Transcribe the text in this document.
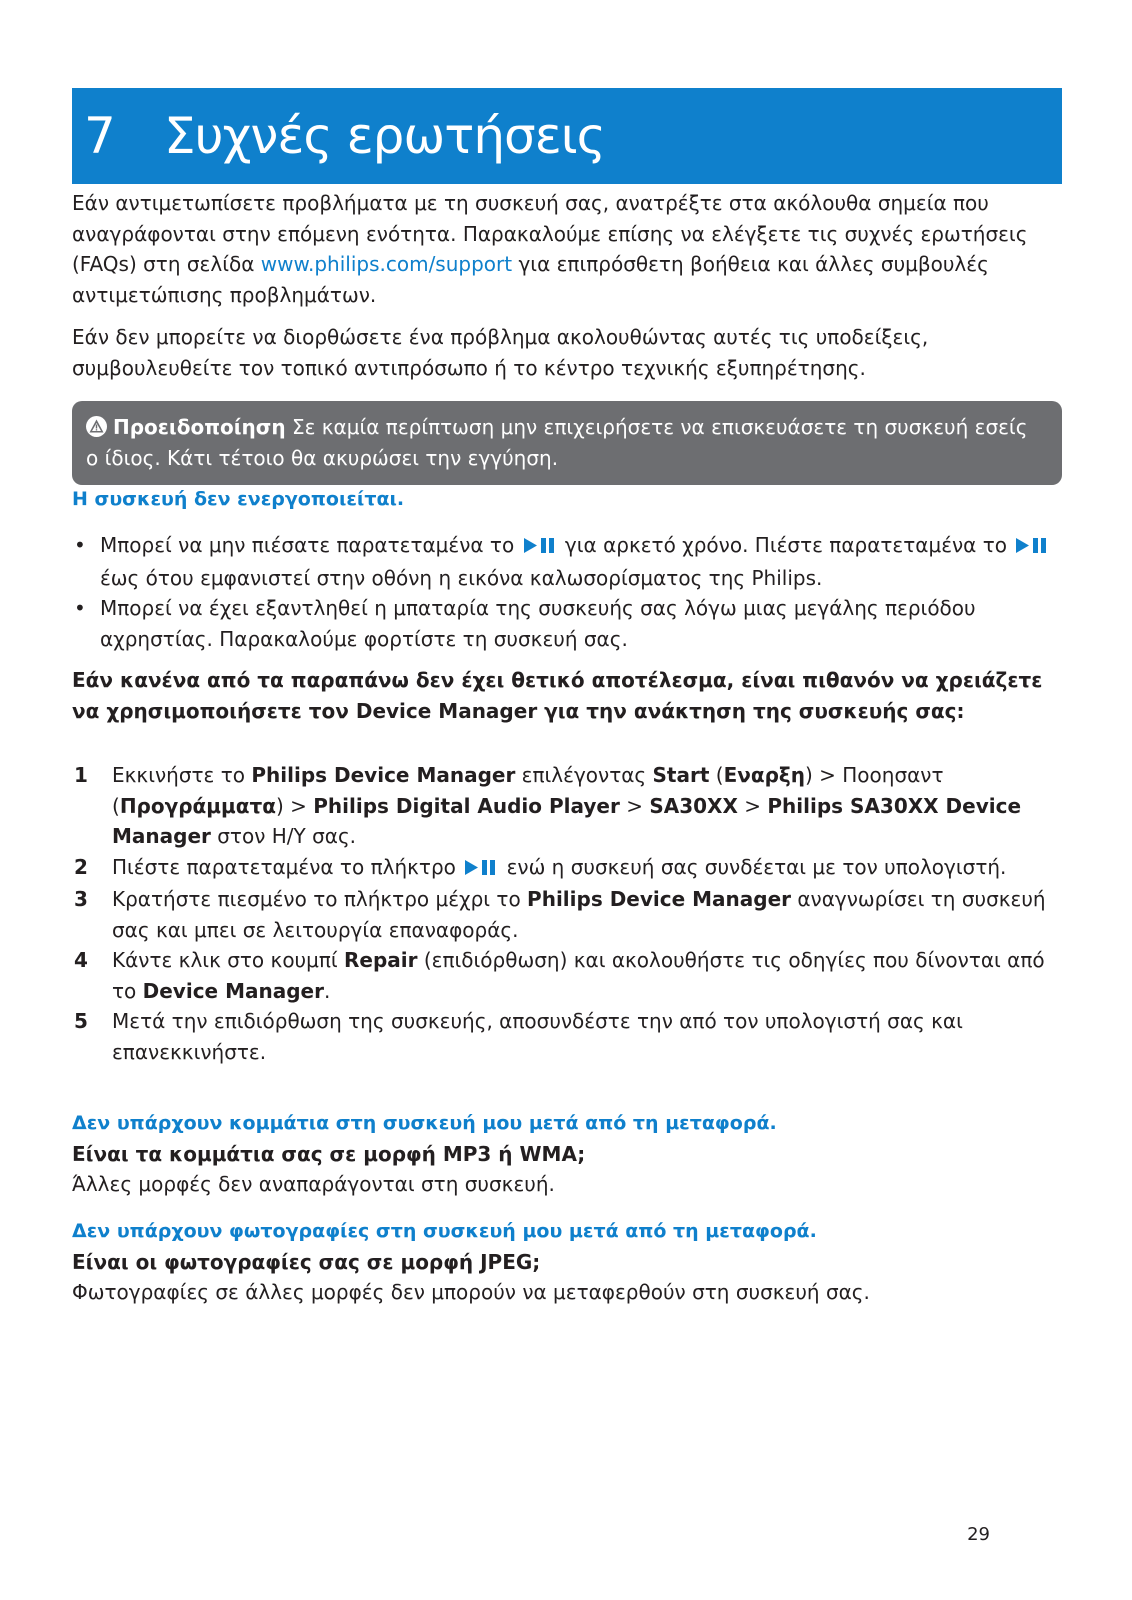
7 Συχνές ερωτήσεις

Εάν αντιμετωπίσετε προβλήματα με τη συσκευή σας, ανατρέξτε στα ακόλουθα σημεία που αναγράφονται στην επόμενη ενότητα. Παρακαλούμε επίσης να ελέγξετε τις συχνές ερωτήσεις (FAQs) στη σελίδα www.philips.com/support για επιπρόσθετη βοήθεια και άλλες συμβουλές αντιμετώπισης προβλημάτων.

Εάν δεν μπορείτε να διορθώσετε ένα πρόβλημα ακολουθώντας αυτές τις υποδείξεις, συμβουλευθείτε τον τοπικό αντιπρόσωπο ή το κέντρο τεχνικής εξυπηρέτησης.

Προειδοποίηση Σε καμία περίπτωση μην επιχειρήσετε να επισκευάσετε τη συσκευή εσείς ο ίδιος. Κάτι τέτοιο θα ακυρώσει την εγγύηση.

Η συσκευή δεν ενεργοποιείται.

• Μπορεί να μην πιέσατε παρατεταμένα το  για αρκετό χρόνο. Πιέστε παρατεταμένα το  έως ότου εμφανιστεί στην οθόνη η εικόνα καλωσορίσματος της Philips.

• Μπορεί να έχει εξαντληθεί η μπαταρία της συσκευής σας λόγω μιας μεγάλης περιόδου αχρηστίας. Παρακαλούμε φορτίστε τη συσκευή σας.

Εάν κανένα από τα παραπάνω δεν έχει θετικό αποτέλεσμα, είναι πιθανόν να χρειάζετε να χρησιμοποιήσετε τον Device Manager για την ανάκτηση της συσκευής σας:

1 Εκκινήστε το Philips Device Manager επιλέγοντας Start (Εναρξη) > Ποοησαντ (Προγράμματα) > Philips Digital Audio Player > SA30XX > Philips SA30XX Device Manager στον Η/Υ σας.

2 Πιέστε παρατεταμένα το πλήκτρο  ενώ η συσκευή σας συνδέεται με τον υπολογιστή.

3 Κρατήστε πιεσμένο το πλήκτρο μέχρι το Philips Device Manager αναγνωρίσει τη συσκευή σας και μπει σε λειτουργία επαναφοράς.

4 Κάντε κλικ στο κουμπί Repair (επιδιόρθωση) και ακολουθήστε τις οδηγίες που δίνονται από το Device Manager.

5 Μετά την επιδιόρθωση της συσκευής, αποσυνδέστε την από τον υπολογιστή σας και επανεκκινήστε.

Δεν υπάρχουν κομμάτια στη συσκευή μου μετά από τη μεταφορά.

Είναι τα κομμάτια σας σε μορφή MP3 ή WMA;

Άλλες μορφές δεν αναπαράγονται στη συσκευή.

Δεν υπάρχουν φωτογραφίες στη συσκευή μου μετά από τη μεταφορά.

Είναι οι φωτογραφίες σας σε μορφή JPEG;

Φωτογραφίες σε άλλες μορφές δεν μπορούν να μεταφερθούν στη συσκευή σας.

29
